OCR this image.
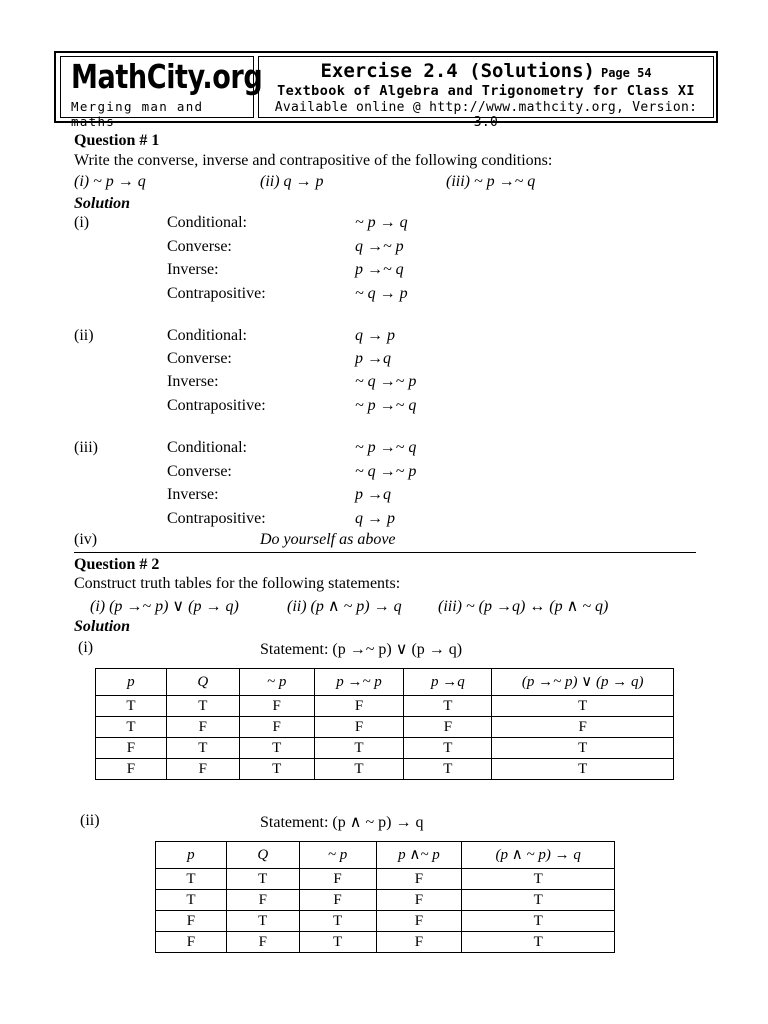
MathCity.org
Merging man and maths
Exercise 2.4 (Solutions) Page 54
Textbook of Algebra and Trigonometry for Class XI
Available online @ http://www.mathcity.org, Version: 3.0
Question # 1
Write the converse, inverse and contrapositive of the following conditions:
(i) ~ p → q	(ii) q → p	(iii) ~ p →~ q
Solution
(i)	Conditional:	~ p → q
Converse:	q →~ p
Inverse:	p →~ q
Contrapositive:	~ q → p
(ii)	Conditional:	q → p
Converse:	p →q
Inverse:	~ q →~ p
Contrapositive:	~ p →~ q
(iii)	Conditional:	~ p →~ q
Converse:	~ q →~ p
Inverse:	p →q
Contrapositive:	q → p
(iv)	Do yourself as above
Question # 2
Construct truth tables for the following statements:
(i) (p →~ p) ∨ (p → q)	(ii) (p ∧ ~ p) → q (iii) ~ (p →q) ↔ (p ∧ ~ q)
Solution
(i)	Statement: (p →~ p) ∨ (p → q)
p	Q	~ p	p →~ p	p →q	(p →~ p) ∨ (p → q)
T	T	F	F	T	T
T	F	F	F	F	F
F	T	T	T	T	T
F	F	T	T	T	T
(ii)	Statement: (p ∧ ~ p) → q
p	Q	~ p	p ∧~ p	(p ∧ ~ p) → q
T	T	F	F	T
T	F	F	F	T
F	T	T	F	T
F	F	T	F	T
